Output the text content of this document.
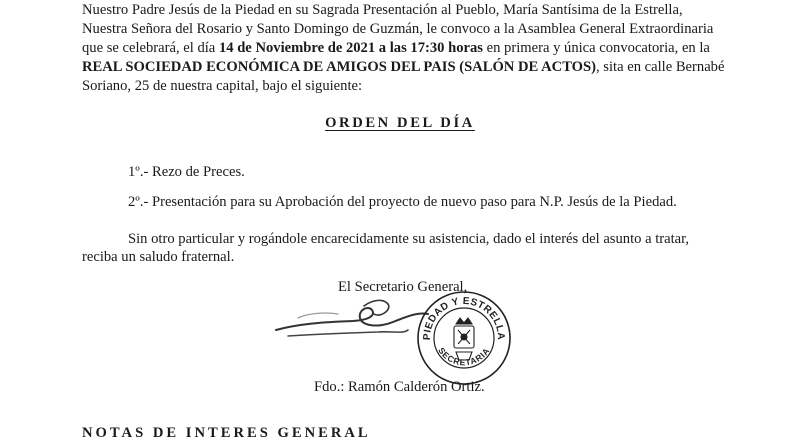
Nuestro Padre Jesús de la Piedad en su Sagrada Presentación al Pueblo, María Santísima de la Estrella,
Nuestra Señora del Rosario y Santo Domingo de Guzmán, le convoco a la Asamblea General Extraordinaria
que se celebrará, el día 14 de Noviembre de 2021 a las 17:30 horas en primera y única convocatoria, en la
REAL SOCIEDAD ECONÓMICA DE AMIGOS DEL PAIS (SALÓN DE ACTOS), sita en calle Bernabé
Soriano, 25 de nuestra capital, bajo el siguiente:
ORDEN DEL DÍA
1º.- Rezo de Preces.
2º.- Presentación para su Aprobación del proyecto de nuevo paso para N.P. Jesús de la Piedad.
Sin otro particular y rogándole encarecidamente su asistencia, dado el interés del asunto a tratar,
reciba un saludo fraternal.
El Secretario General,
PIEDAD Y ESTRELLA
SECRETARIA
Fdo.: Ramón Calderón Ortiz.
NOTAS DE INTERES GENERAL
